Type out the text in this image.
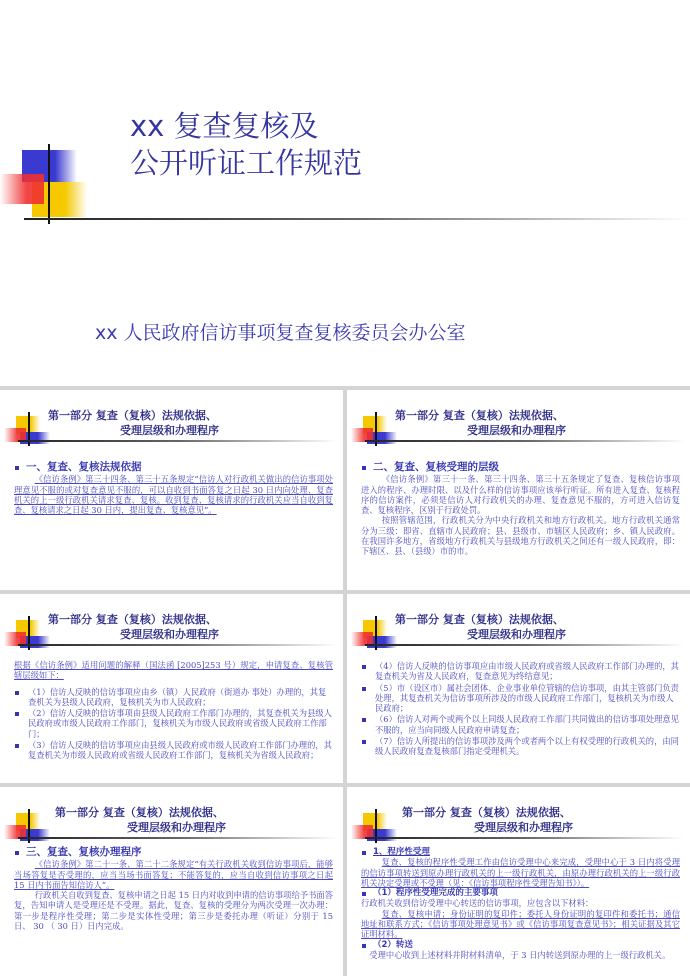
xx 复查复核及
公开听证工作规范
xx 人民政府信访事项复查复核委员会办公室
第一部分 复查（复核）法规依据、
受理层级和办理程序
一、复查、复核法规依据
《信访条例》第三十四条、第三十五条规定“信访人对行政机关做出的信访事项处理意见不服的或对复查意见不服的，可以自收到书面答复之日起 30 日内向处理、复查机关的上一级行政机关请求复查、复核。收到复查、复核请求的行政机关应当自收到复查、复核请求之日起 30 日内，提出复查、复核意见”。
第一部分 复查（复核）法规依据、
受理层级和办理程序
二、复查、复核受理的层级
《信访条例》第三十一条、第三十四条、第三十五条规定了复查、复核信访事项进入的程序、办理时限、以及什么样的信访事项应该举行听证。所有进入复查、复核程序的信访案件，必须是信访人对行政机关的办理、复查意见不服的，方可进入信访复查、复核程序，区别于行政处罚。
按照管辖范围，行政机关分为中央行政机关和地方行政机关。地方行政机关通常分为三级：即省、直辖市人民政府；县、县级市、市辖区人民政府；乡、镇人民政府。在我国许多地方，省级地方行政机关与县级地方行政机关之间还有一级人民政府，即：下辖区、县、（县级）市的市。
第一部分 复查（复核）法规依据、
受理层级和办理程序
根据《信访条例》适用问题的解释（国法函 [2005]253 号）规定，申请复查、复核管辖层级如下：
（1）信访人反映的信访事项应由乡（镇）人民政府（街道办 事处）办理的，其复查机关为县级人民政府，复核机关为市人民政府；
（2）信访人反映的信访事项由县级人民政府工作部门办理的，其复查机关为县级人民政府或市级人民政府工作部门，复核机关为市级人民政府或省级人民政府工作部门；
（3）信访人反映的信访事项应由县级人民政府或市级人民政府工作部门办理的，其复查机关为市级人民政府或省级人民政府工作部门，复核机关为省级人民政府；
第一部分 复查（复核）法规依据、
受理层级和办理程序
（4）信访人反映的信访事项应由市级人民政府或省级人民政府工作部门办理的，其复查机关为省及人民政府，复查意见为终结意见；
（5）市（设区市）属社会团体、企业事业单位管辖的信访事项，由其主管部门负责处理，其复查机关为信访事项所涉及的市级人民政府工作部门，复核机关为市级人民政府；
（6）信访人对两个或两个以上同级人民政府工作部门共同做出的信访事项处理意见不服的，应当向同级人民政府申请复查；
（7）信访人所提出的信访事项涉及两个或者两个以上有权受理的行政机关的，由同级人民政府复查复核部门指定受理机关。
第一部分 复查（复核）法规依据、
受理层级和办理程序
三、复查、复核办理程序
《信访条例》第二十一条、第二十二条规定“有关行政机关收到信访事项后，能够当场答复是否受理的，应当当场书面答复；不能答复的，应当自收到信访事项之日起 15 日内书面告知信访人”。
行政机关自收到复查、复核申请之日起 15 日内对收到申请的信访事项给予书面答复，告知申请人是受理还是不受理。据此，复查、复核的受理分为两次受理一次办理：第一步是程序性受理；第二步是实体性受理；第三步是委托办理（听证）分别于 15 日、 30 （ 30 日）日内完成。
第一部分 复查（复核）法规依据、
受理层级和办理程序
1、程序性受理
复查、复核的程序性受理工作由信访受理中心来完成，受理中心于 3 日内将受理的信访事项转送到原办理行政机关的上一级行政机关，由原办理行政机关的上一级行政机关决定受理或不受理（见：《信访事项程序性受理告知书》）。
（1）程序性受理完成的主要事项
行政机关收到信访受理中心转送的信访事项，应包含以下材料：
复查、复核申请；身份证明的复印件；委托人身份证明的复印件和委托书；通信地址和联系方式；《信访事项处理意见书》或《信访事项复查意见书》；相关证据及其它证明材料。
（2）转送
受理中心收到上述材料并附材料清单，于 3 日内转送到原办理的上一级行政机关。
